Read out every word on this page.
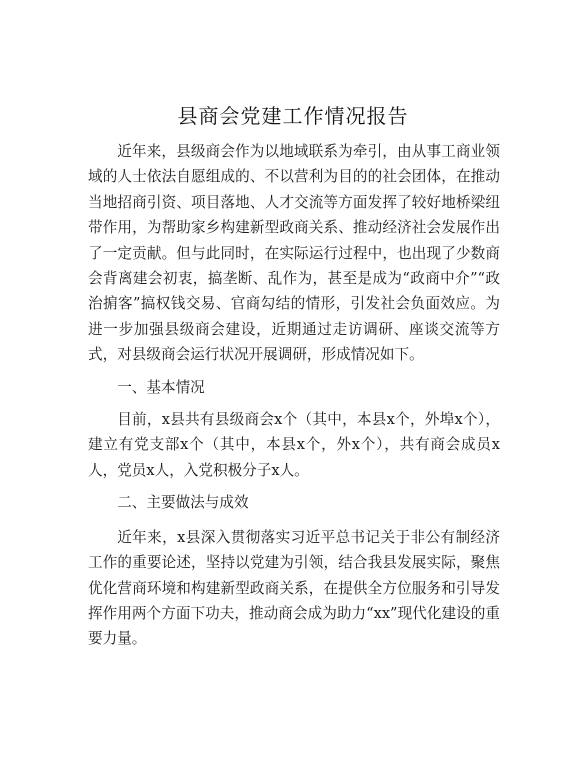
县商会党建工作情况报告

近年来，县级商会作为以地域联系为牵引，由从事工商业领域的人士依法自愿组成的、不以营利为目的的社会团体，在推动当地招商引资、项目落地、人才交流等方面发挥了较好地桥梁纽带作用，为帮助家乡构建新型政商关系、推动经济社会发展作出了一定贡献。但与此同时，在实际运行过程中，也出现了少数商会背离建会初衷，搞垄断、乱作为，甚至是成为“政商中介”“政治掮客”搞权钱交易、官商勾结的情形，引发社会负面效应。为进一步加强县级商会建设，近期通过走访调研、座谈交流等方式，对县级商会运行状况开展调研，形成情况如下。

一、基本情况

目前，x县共有县级商会x个（其中，本县x个，外埠x个），建立有党支部x个（其中，本县x个，外x个），共有商会成员x人，党员x人，入党积极分子x人。

二、主要做法与成效

近年来，x县深入贯彻落实习近平总书记关于非公有制经济工作的重要论述，坚持以党建为引领，结合我县发展实际，聚焦优化营商环境和构建新型政商关系，在提供全方位服务和引导发挥作用两个方面下功夫，推动商会成为助力“xx”现代化建设的重要力量。
